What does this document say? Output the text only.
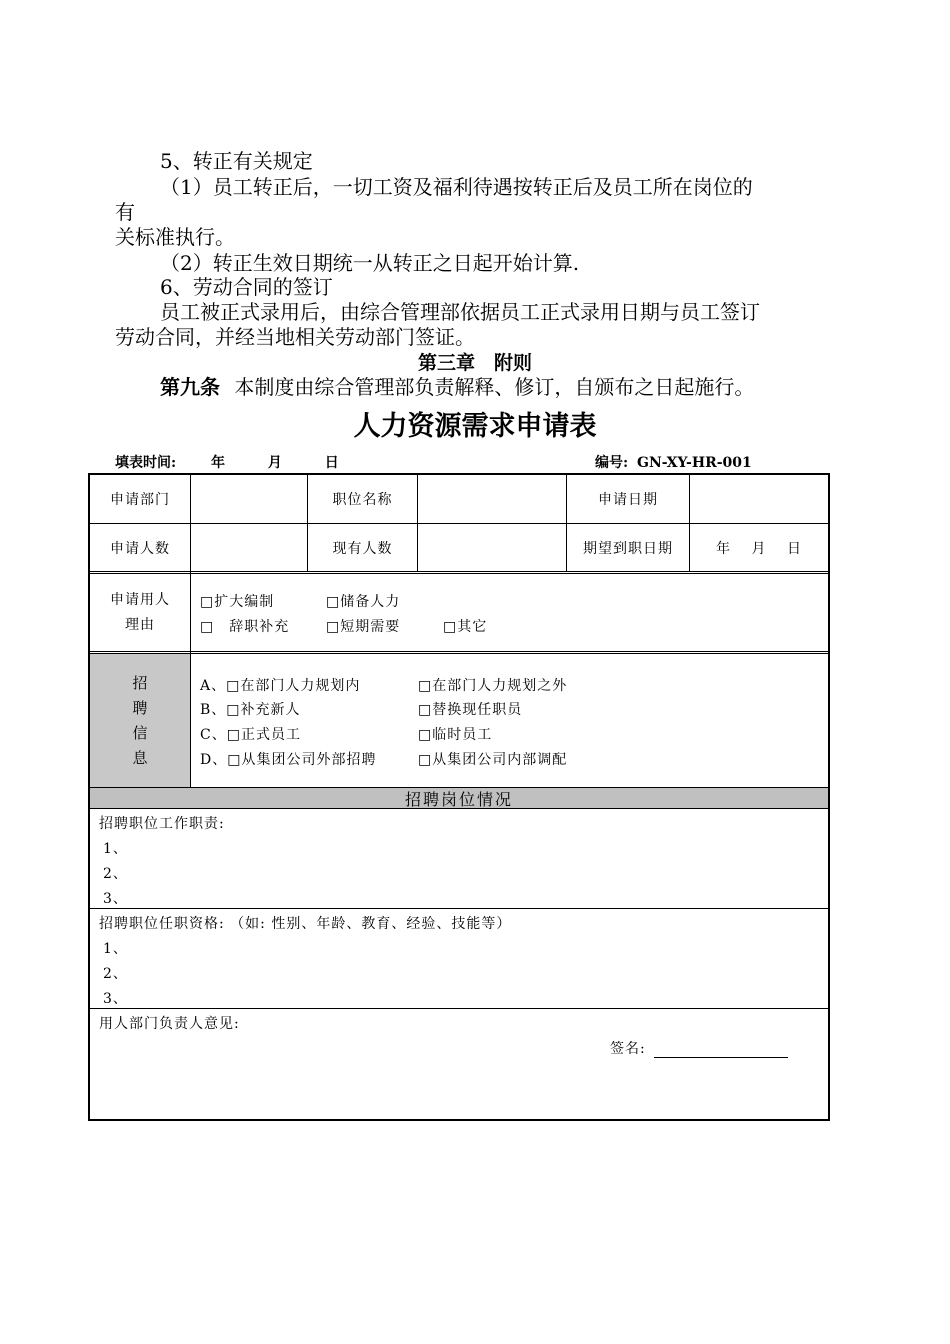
5、转正有关规定
（1）员工转正后，一切工资及福利待遇按转正后及员工所在岗位的
有
关标准执行。
（2）转正生效日期统一从转正之日起开始计算.
6、劳动合同的签订
员工被正式录用后，由综合管理部依据员工正式录用日期与员工签订
劳动合同，并经当地相关劳动部门签证。
第三章　附则
第九条 本制度由综合管理部负责解释、修订，自颁布之日起施行。
人力资源需求申请表
填表时间: 年	月	日	编号: GN-XY-HR-001
申请部门	职位名称	申请日期
申请人数	现有人数	期望到职日期	年　 月　 日
申请用人
理由
□扩大编制	□储备人力
□　辞职补充	□短期需要	□其它
招
聘
信
息
A、□在部门人力规划内	□在部门人力规划之外
B、□补充新人	□替换现任职员
C、□正式员工	□临时员工
D、□从集团公司外部招聘	□从集团公司内部调配
招聘岗位情况
招聘职位工作职责:
1、
2、
3、
招聘职位任职资格: （如: 性别、年龄、教育、经验、技能等）
1、
2、
3、
用人部门负责人意见:
签名:
